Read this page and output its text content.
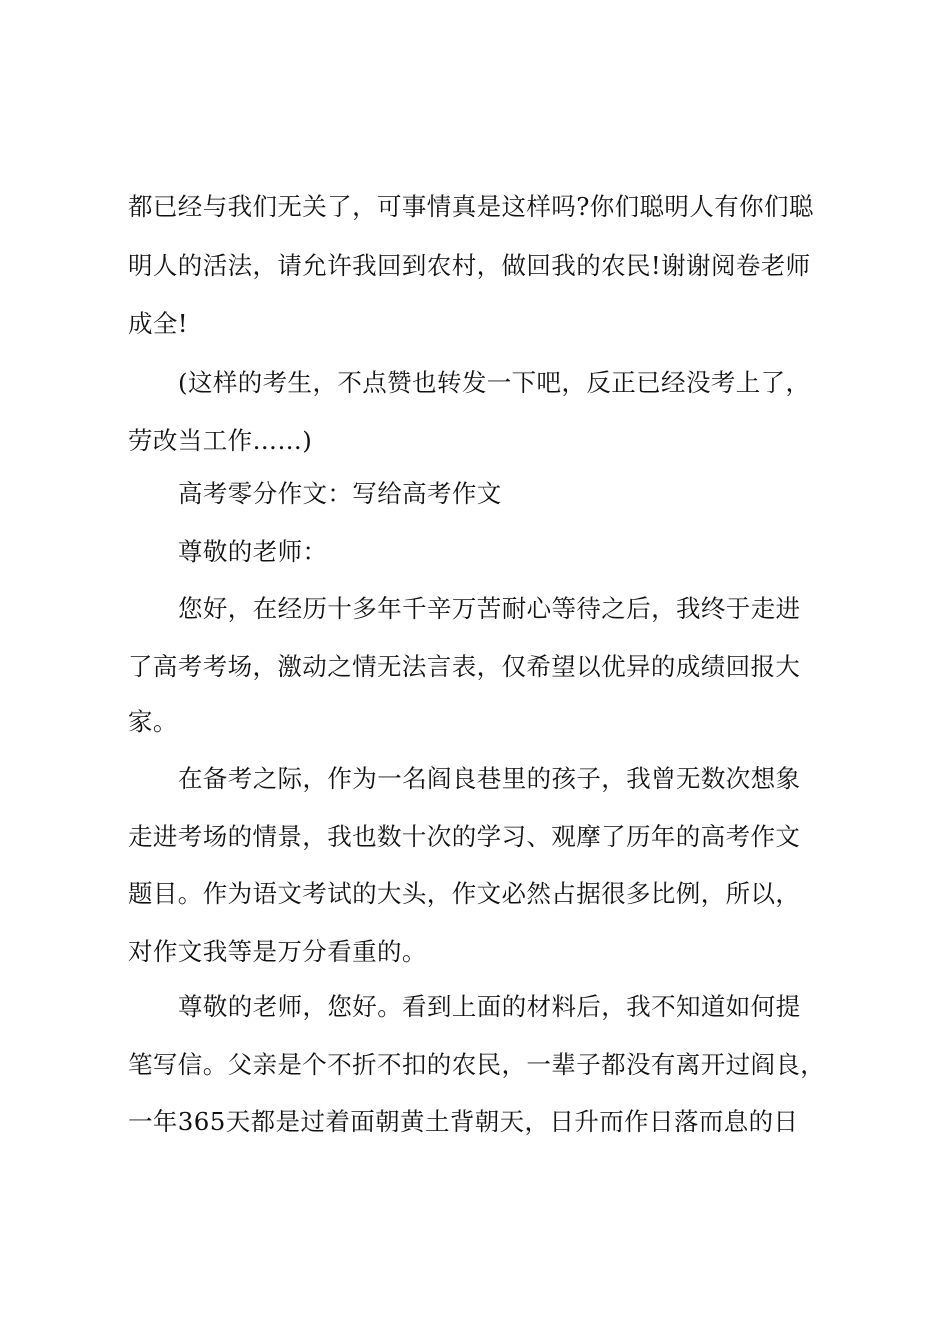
都已经与我们无关了，可事情真是这样吗?你们聪明人有你们聪
明人的活法，请允许我回到农村，做回我的农民!谢谢阅卷老师
成全!
(这样的考生，不点赞也转发一下吧，反正已经没考上了，
劳改当工作……)
高考零分作文：写给高考作文
尊敬的老师：
您好，在经历十多年千辛万苦耐心等待之后，我终于走进
了高考考场，激动之情无法言表，仅希望以优异的成绩回报大
家。
在备考之际，作为一名阎良巷里的孩子，我曾无数次想象
走进考场的情景，我也数十次的学习、观摩了历年的高考作文
题目。作为语文考试的大头，作文必然占据很多比例，所以，
对作文我等是万分看重的。
尊敬的老师，您好。看到上面的材料后，我不知道如何提
笔写信。父亲是个不折不扣的农民，一辈子都没有离开过阎良，
一年365天都是过着面朝黄土背朝天，日升而作日落而息的日
